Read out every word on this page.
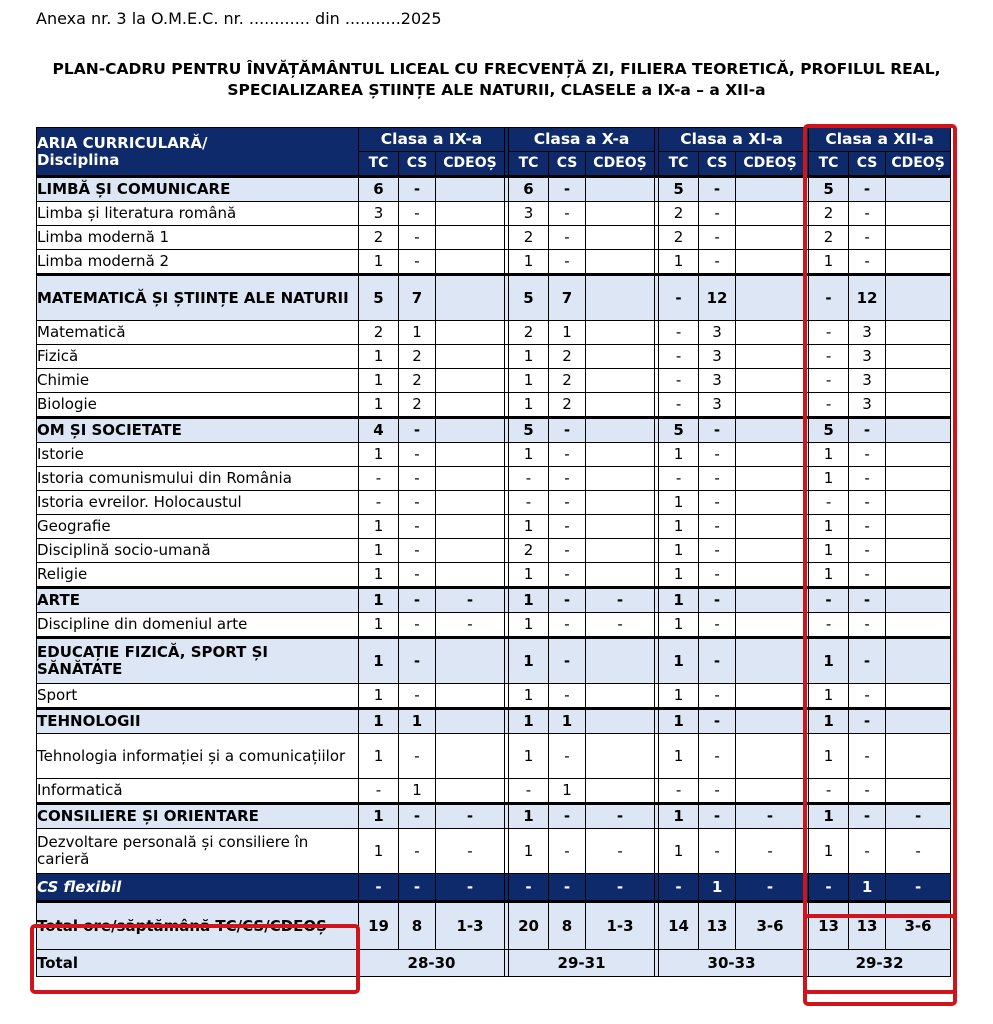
Anexa nr. 3 la O.M.E.C. nr. ............ din ...........2025
PLAN-CADRU PENTRU ÎNVĂȚĂMÂNTUL LICEAL CU FRECVENȚĂ ZI, FILIERA TEORETICĂ, PROFILUL REAL,
SPECIALIZAREA ȘTIINȚE ALE NATURII, CLASELE a IX-a – a XII-a
ARIA CURRICULARĂ/
Disciplina	Clasa a IX-a				Clasa a X-a				Clasa a XI-a				Clasa a XII-a		
	TC	CS	CDEOȘ		TC	CS	CDEOȘ		TC	CS	CDEOȘ		TC	CS	CDEOȘ
LIMBĂ ȘI COMUNICARE	6	-			6	-			5	-			5	-	
Limba și literatura română	3	-			3	-			2	-			2	-	
Limba modernă 1	2	-			2	-			2	-			2	-	
Limba modernă 2	1	-			1	-			1	-			1	-	
MATEMATICĂ ȘI ȘTIINȚE ALE NATURII	5	7			5	7			-	12			-	12	
Matematică	2	1			2	1			-	3			-	3	
Fizică	1	2			1	2			-	3			-	3	
Chimie	1	2			1	2			-	3			-	3	
Biologie	1	2			1	2			-	3			-	3	
OM ȘI SOCIETATE	4	-			5	-			5	-			5	-	
Istorie	1	-			1	-			1	-			1	-	
Istoria comunismului din România	-	-			-	-			-	-			1	-	
Istoria evreilor. Holocaustul	-	-			-	-			1	-			-	-	
Geografie	1	-			1	-			1	-			1	-	
Disciplină socio-umană	1	-			2	-			1	-			1	-	
Religie	1	-			1	-			1	-			1	-	
ARTE	1	-	-		1	-	-		1	-			-	-	
Discipline din domeniul arte	1	-	-		1	-	-		1	-			-	-	
EDUCAȚIE FIZICĂ, SPORT ȘI SĂNĂTATE	1	-			1	-			1	-			1	-	
Sport	1	-			1	-			1	-			1	-	
TEHNOLOGII	1	1			1	1			1	-			1	-	
Tehnologia informației și a comunicațiilor	1	-			1	-			1	-			1	-	
Informatică	-	1			-	1			-	-			-	-	
CONSILIERE ȘI ORIENTARE	1	-	-		1	-	-		1	-	-		1	-	-
Dezvoltare personală și consiliere în carieră	1	-	-		1	-	-		1	-	-		1	-	-
CS flexibil	-	-	-		-	-	-		-	1	-		-	1	-
Total ore/săptămână TC/CS/CDEOȘ	19	8	1-3		20	8	1-3		14	13	3-6		13	13	3-6
Total	28-30				29-31				30-33				29-32		
